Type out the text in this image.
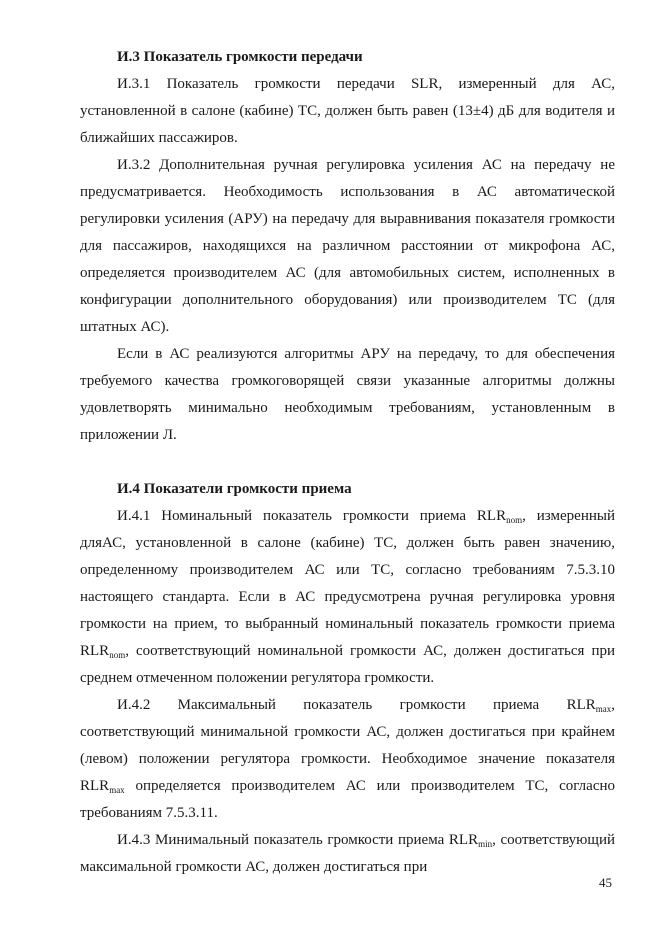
И.3 Показатель громкости передачи

И.3.1 Показатель громкости передачи SLR, измеренный для АС, установленной в салоне (кабине) ТС, должен быть равен (13±4) дБ для водителя и ближайших пассажиров.

И.3.2 Дополнительная ручная регулировка усиления АС на передачу не предусматривается. Необходимость использования в АС автоматической регулировки усиления (АРУ) на передачу для выравнивания показателя громкости для пассажиров, находящихся на различном расстоянии от микрофона АС, определяется производителем АС (для автомобильных систем, исполненных в конфигурации дополнительного оборудования) или производителем ТС (для штатных АС).

Если в АС реализуются алгоритмы АРУ на передачу, то для обеспечения требуемого качества громкоговорящей связи указанные алгоритмы должны удовлетворять минимально необходимым требованиям, установленным в приложении Л.

И.4 Показатели громкости приема

И.4.1 Номинальный показатель громкости приема $RLR_{nom}$, измеренный дляАС, установленной в салоне (кабине) ТС, должен быть равен значению, определенному производителем АС или ТС, согласно требованиям 7.5.3.10 настоящего стандарта. Если в АС предусмотрена ручная регулировка уровня громкости на прием, то выбранный номинальный показатель громкости приема $RLR_{nom}$, соответствующий номинальной громкости АС, должен достигаться при среднем отмеченном положении регулятора громкости.

И.4.2 Максимальный показатель громкости приема $RLR_{max}$, соответствующий минимальной громкости АС, должен достигаться при крайнем (левом) положении регулятора громкости. Необходимое значение показателя $RLR_{max}$ определяется производителем АС или производителем ТС, согласно требованиям 7.5.3.11.

И.4.3 Минимальный показатель громкости приема $RLR_{min}$, соответствующий максимальной громкости АС, должен достигаться при

45
